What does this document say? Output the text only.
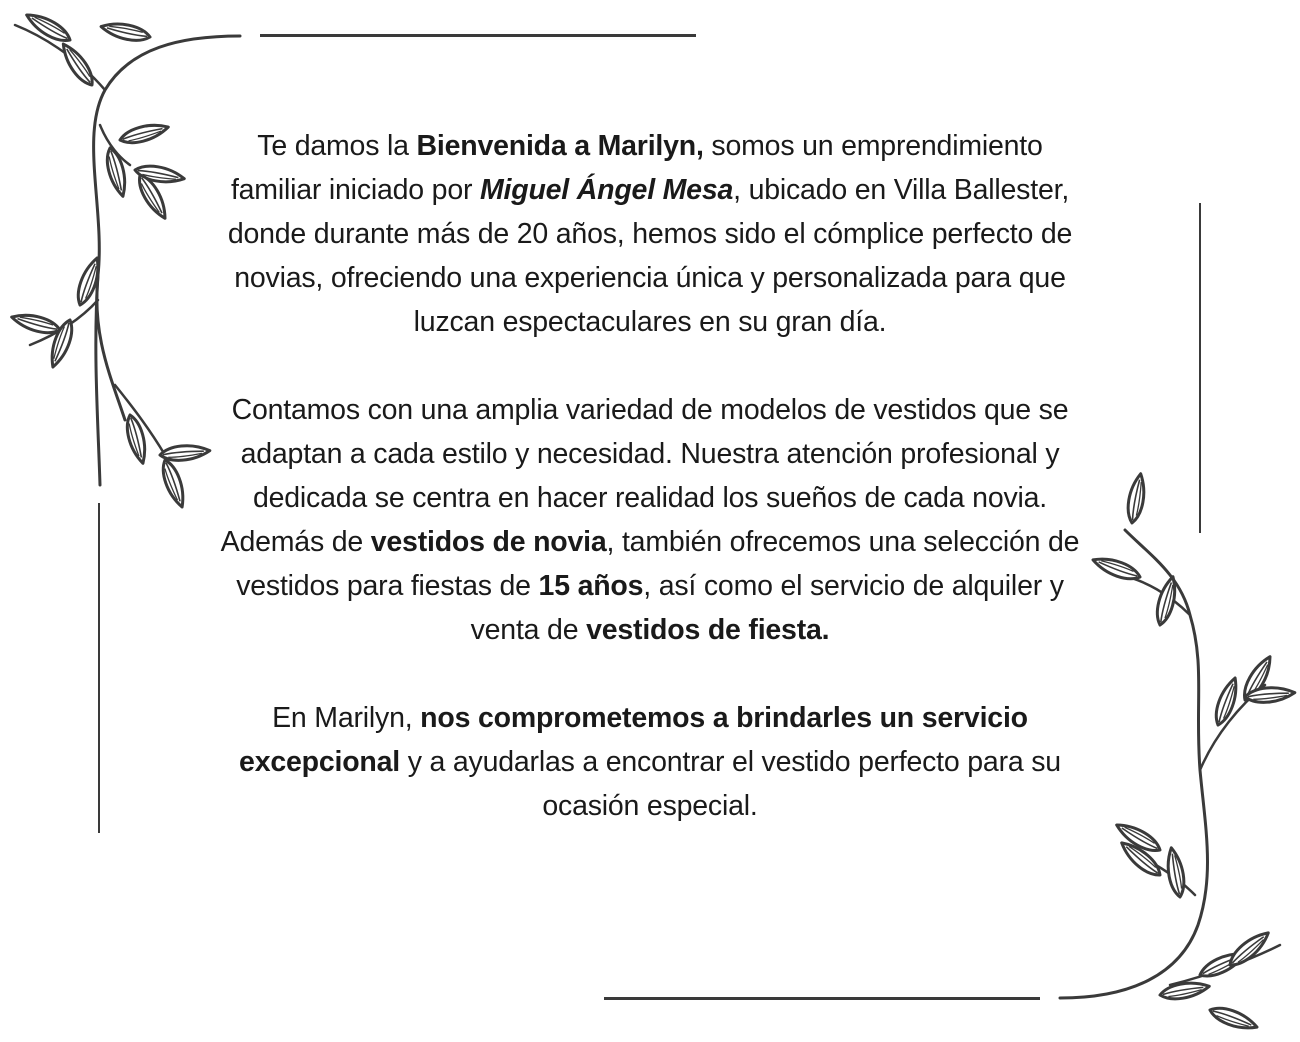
Te damos la Bienvenida a Marilyn, somos un emprendimiento familiar iniciado por Miguel Ángel Mesa, ubicado en Villa Ballester, donde durante más de 20 años, hemos sido el cómplice perfecto de novias, ofreciendo una experiencia única y personalizada para que luzcan espectaculares en su gran día.

Contamos con una amplia variedad de modelos de vestidos que se adaptan a cada estilo y necesidad. Nuestra atención profesional y dedicada se centra en hacer realidad los sueños de cada novia. Además de vestidos de novia, también ofrecemos una selección de vestidos para fiestas de 15 años, así como el servicio de alquiler y venta de vestidos de fiesta.

En Marilyn, nos comprometemos a brindarles un servicio excepcional y a ayudarlas a encontrar el vestido perfecto para su ocasión especial.
